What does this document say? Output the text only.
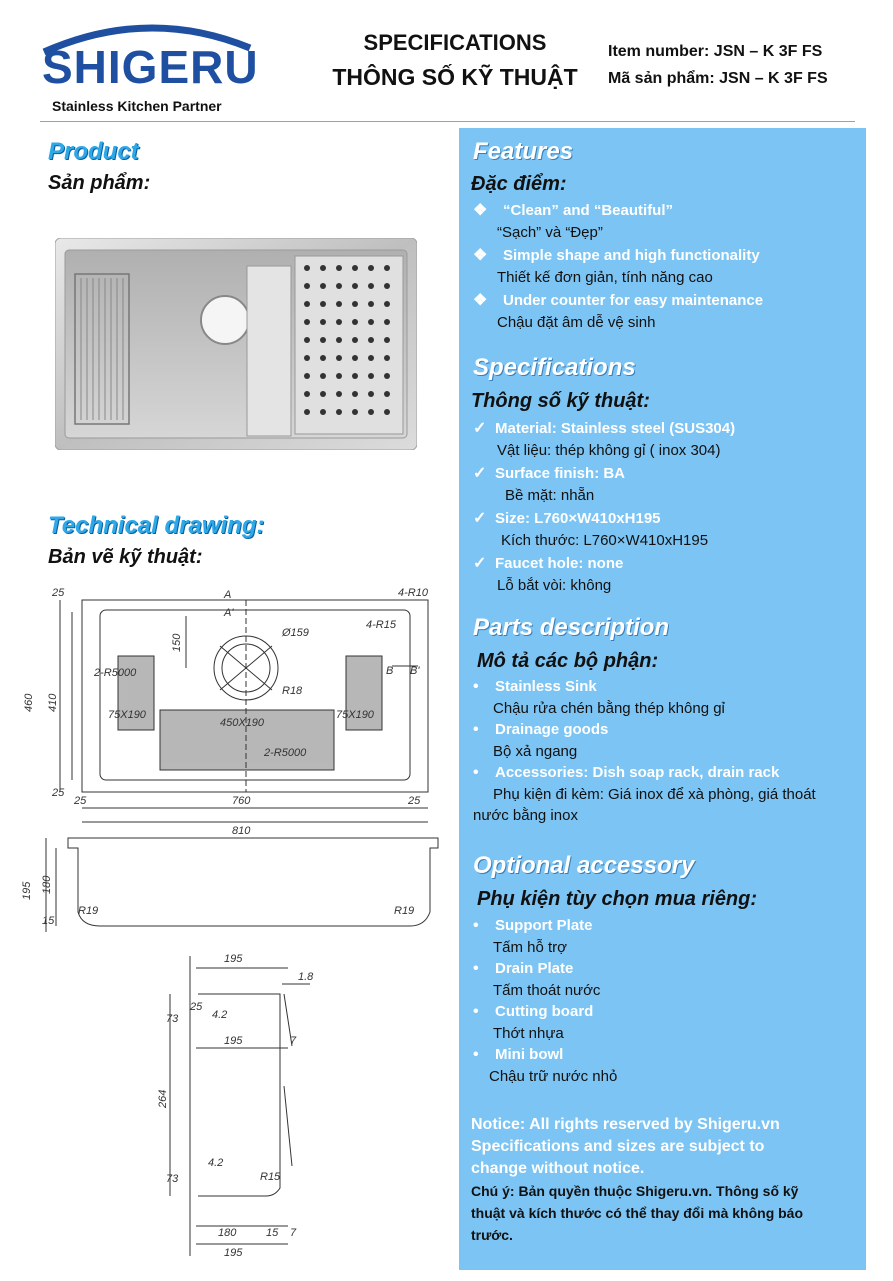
SHIGERU
Stainless Kitchen Partner
SPECIFICATIONS
THÔNG SỐ KỸ THUẬT
Item number: JSN – K 3F FS
Mã sản phẩm: JSN – K 3F FS
Product
Sản phẩm:
Technical drawing:
Bản vẽ kỹ thuật:
25
460 410
25
150
Ø159
4-R10
4-R15
A
A'
B B'
2-R5000
2-R5000
75X190	75X190
450X190
R18
760
810
25	25
195 180
15
R19	R19
195
1.8
73
25
4.2
195	7
264
73
4.2
R15
180	15 7
195
Features
Đặc điểm:
❖ “Clean” and “Beautiful”
“Sạch” và “Đẹp”
❖ Simple shape and high functionality
Thiết kế đơn giản, tính năng cao
❖ Under counter for easy maintenance
Chậu đặt âm dễ vệ sinh
Specifications
Thông số kỹ thuật:
✓ Material: Stainless steel (SUS304)
Vật liệu: thép không gỉ ( inox 304)
✓ Surface finish: BA
Bề mặt: nhẵn
✓ Size: L760×W410xH195
Kích thước: L760×W410xH195
✓ Faucet hole: none
Lỗ bắt vòi: không
Parts description
Mô tả các bộ phận:
• Stainless Sink
Chậu rửa chén bằng thép không gỉ
• Drainage goods
Bộ xả ngang
• Accessories: Dish soap rack, drain rack
Phụ kiện đi kèm: Giá inox để xà phòng, giá thoát
nước bằng inox
Optional accessory
Phụ kiện tùy chọn mua riêng:
• Support Plate
Tấm hỗ trợ
• Drain Plate
Tấm thoát nước
• Cutting board
Thớt nhựa
• Mini bowl
Chậu trữ nước nhỏ
Notice: All rights reserved by Shigeru.vn
Specifications and sizes are subject to
change without notice.
Chú ý: Bản quyền thuộc Shigeru.vn. Thông số kỹ
thuật và kích thước có thể thay đổi mà không báo
trước.
